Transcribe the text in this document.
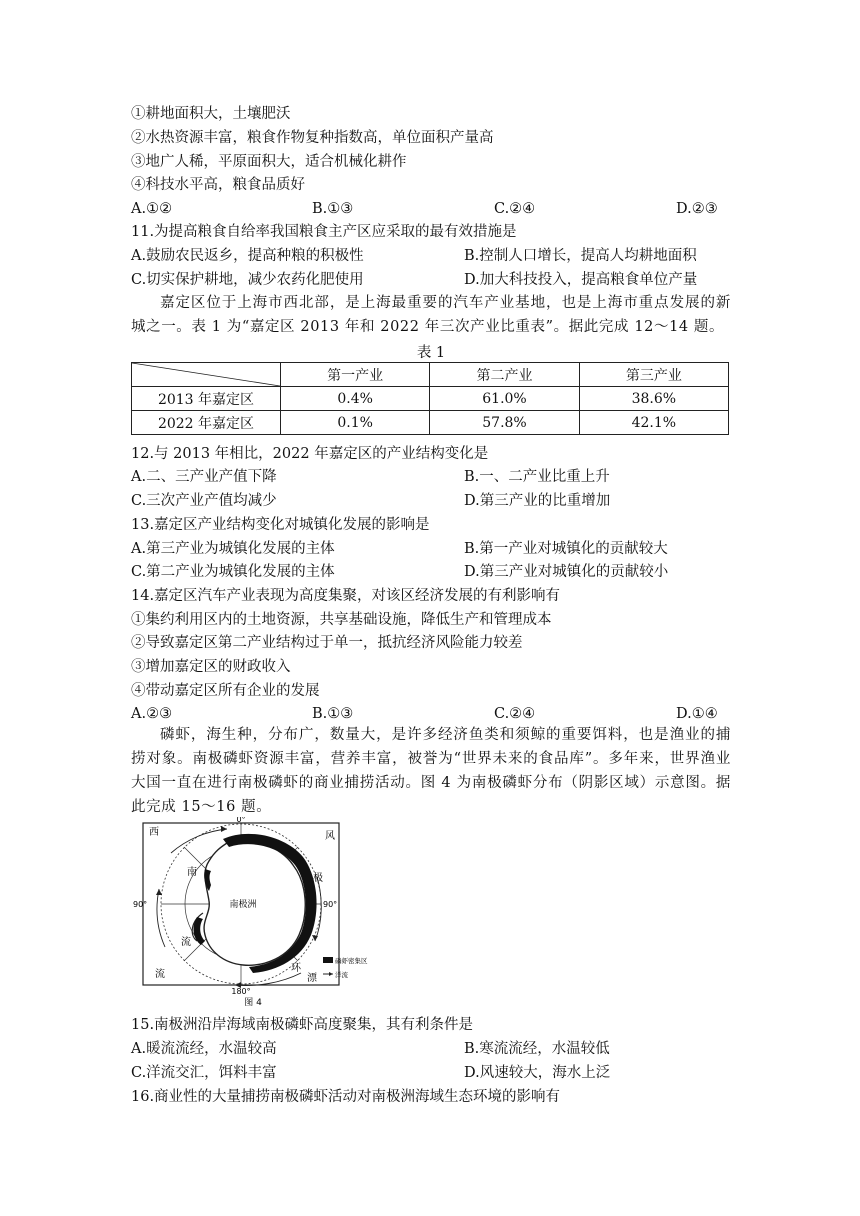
①耕地面积大，土壤肥沃
②水热资源丰富，粮食作物复种指数高，单位面积产量高
③地广人稀，平原面积大，适合机械化耕作
④科技水平高，粮食品质好
A.①②	B.①③	C.②④	D.②③
11.为提高粮食自给率我国粮食主产区应采取的最有效措施是
A.鼓励农民返乡，提高种粮的积极性	B.控制人口增长，提高人均耕地面积
C.切实保护耕地，减少农药化肥使用	D.加大科技投入，提高粮食单位产量
嘉定区位于上海市西北部，是上海最重要的汽车产业基地，也是上海市重点发展的新城之一。表 1 为“嘉定区 2013 年和 2022 年三次产业比重表”。据此完成 12～14 题。
表 1
	第一产业	第二产业	第三产业
2013 年嘉定区	0.4%	61.0%	38.6%
2022 年嘉定区	0.1%	57.8%	42.1%
12.与 2013 年相比，2022 年嘉定区的产业结构变化是
A.二、三产业产值下降	B.一、二产业比重上升
C.三次产业产值均减少	D.第三产业的比重增加
13.嘉定区产业结构变化对城镇化发展的影响是
A.第三产业为城镇化发展的主体	B.第一产业对城镇化的贡献较大
C.第二产业为城镇化发展的主体	D.第三产业对城镇化的贡献较小
14.嘉定区汽车产业表现为高度集聚，对该区经济发展的有利影响有
①集约利用区内的土地资源，共享基础设施，降低生产和管理成本
②导致嘉定区第二产业结构过于单一，抵抗经济风险能力较差
③增加嘉定区的财政收入
④带动嘉定区所有企业的发展
A.②③	B.①③	C.②④	D.①④
磷虾，海生种，分布广，数量大，是许多经济鱼类和须鲸的重要饵料，也是渔业的捕捞对象。南极磷虾资源丰富，营养丰富，被誉为“世界未来的食品库”。多年来，世界渔业大国一直在进行南极磷虾的商业捕捞活动。图 4 为南极磷虾分布（阴影区域）示意图。据此完成 15～16 题。
0°
90°	90°
180°
西
南
流
流
风
极
环
漂
南极洲
磷虾密集区
洋流
图 4
15.南极洲沿岸海域南极磷虾高度聚集，其有利条件是
A.暖流流经，水温较高	B.寒流流经，水温较低
C.洋流交汇，饵料丰富	D.风速较大，海水上泛
16.商业性的大量捕捞南极磷虾活动对南极洲海域生态环境的影响有
